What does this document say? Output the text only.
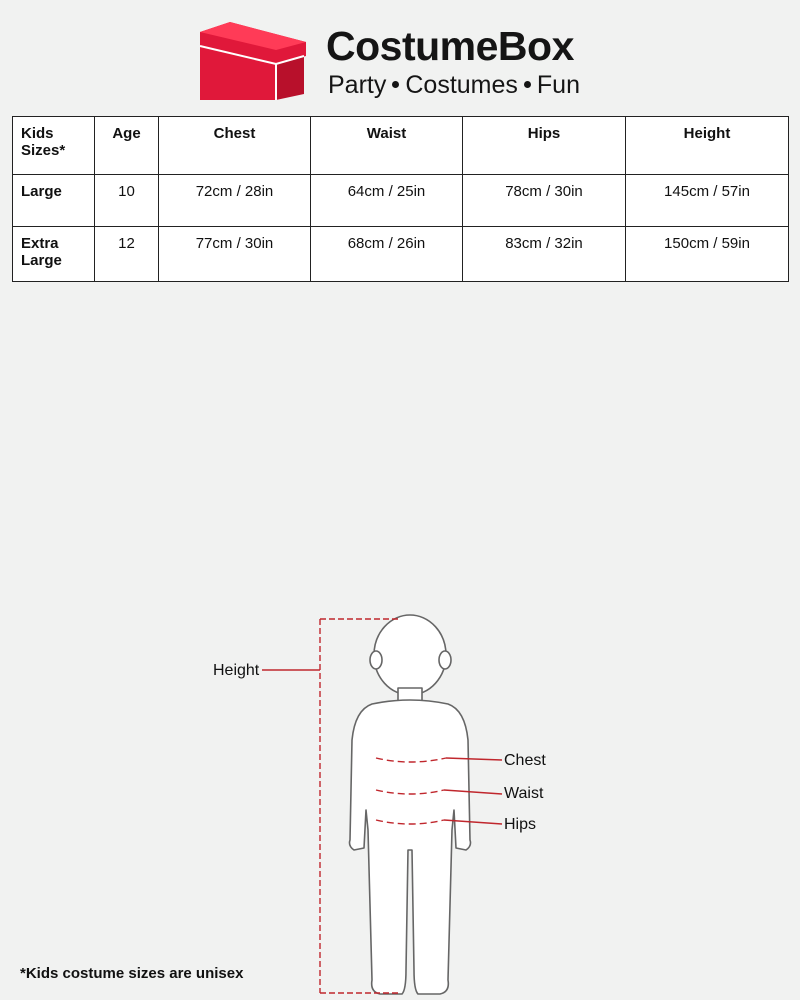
CostumeBox
Party Costumes Fun
Kids Sizes*	Age	Chest	Waist	Hips	Height
Large	10	72cm / 28in	64cm / 25in	78cm / 30in	145cm / 57in
Extra Large	12	77cm / 30in	68cm / 26in	83cm / 32in	150cm / 59in
Height
Chest
Waist
Hips
*Kids costume sizes are unisex
